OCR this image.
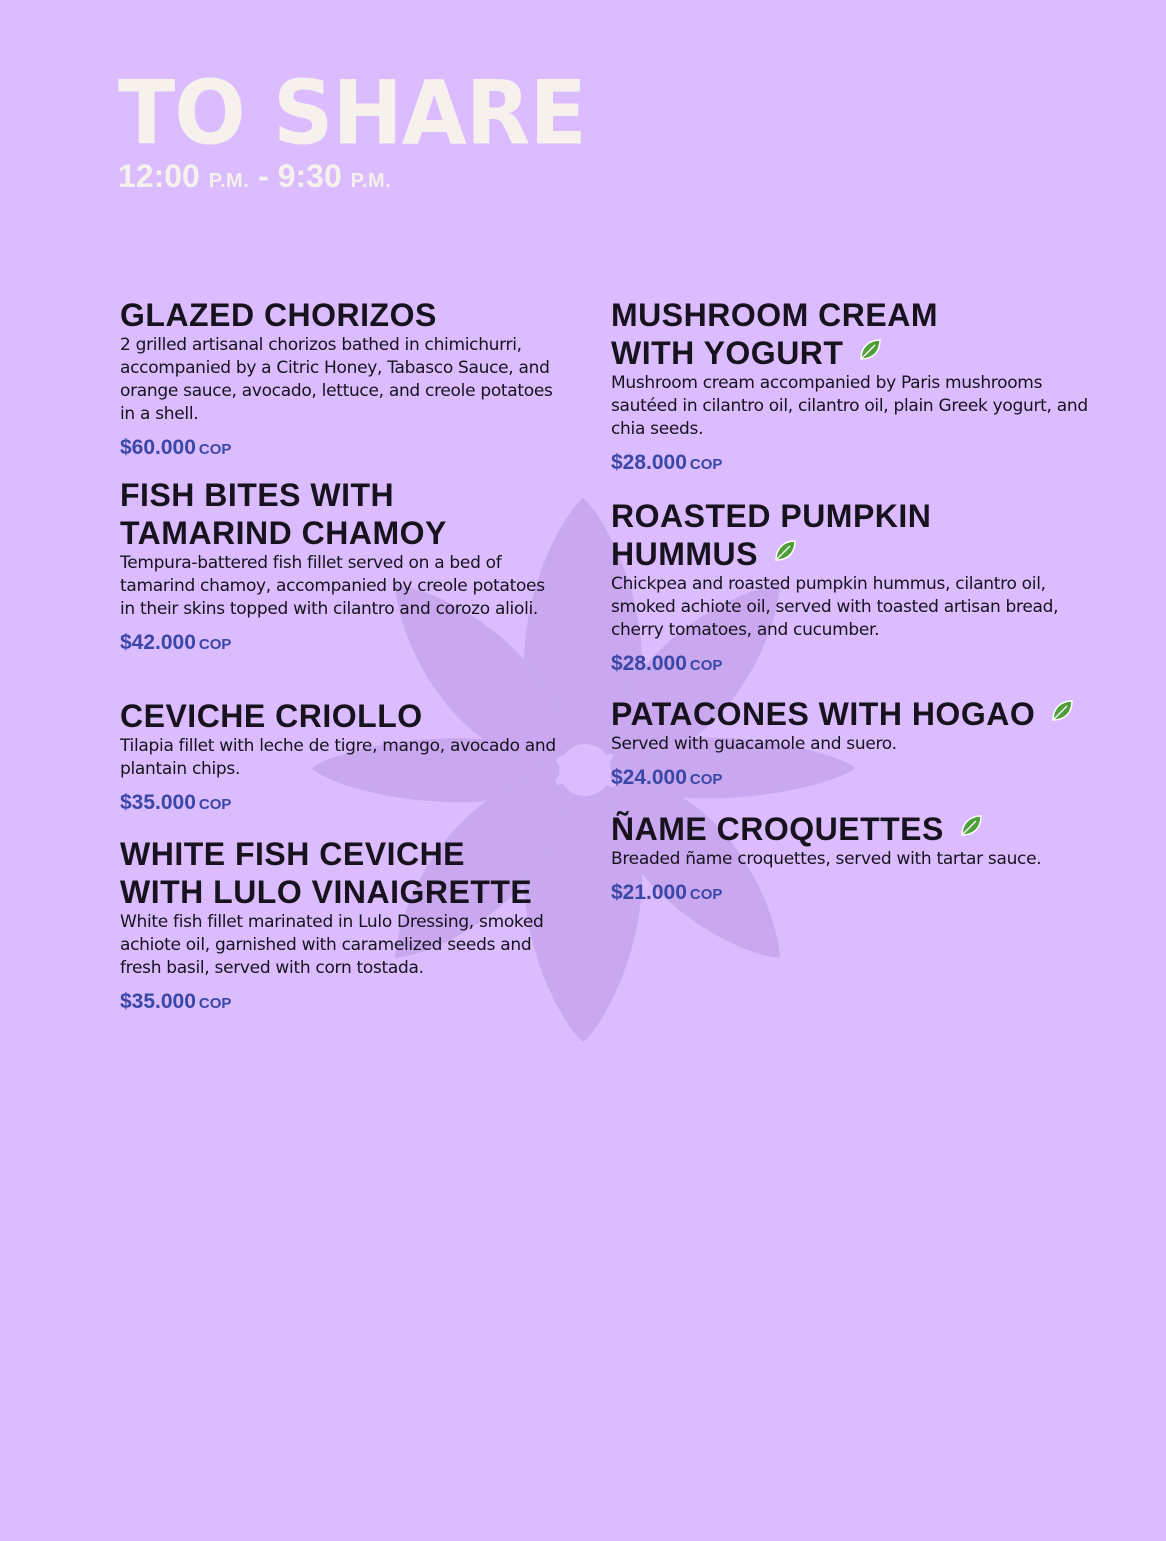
TO SHARE
12:00 P.M. - 9:30 P.M.
GLAZED CHORIZOS

2 grilled artisanal chorizos bathed in chimichurri, accompanied by a Citric Honey, Tabasco Sauce, and orange sauce, avocado, lettuce, and creole potatoes in a shell.

$60.000 COP
FISH BITES WITH
TAMARIND CHAMOY

Tempura-battered fish fillet served on a bed of tamarind chamoy, accompanied by creole potatoes in their skins topped with cilantro and corozo alioli.

$42.000 COP
CEVICHE CRIOLLO

Tilapia fillet with leche de tigre, mango, avocado and plantain chips.

$35.000 COP
WHITE FISH CEVICHE
WITH LULO VINAIGRETTE

White fish fillet marinated in Lulo Dressing, smoked achiote oil, garnished with caramelized seeds and fresh basil, served with corn tostada.

$35.000 COP
MUSHROOM CREAM
WITH YOGURT

Mushroom cream accompanied by Paris mushrooms sautéed in cilantro oil, cilantro oil, plain Greek yogurt, and chia seeds.

$28.000 COP
ROASTED PUMPKIN
HUMMUS

Chickpea and roasted pumpkin hummus, cilantro oil, smoked achiote oil, served with toasted artisan bread, cherry tomatoes, and cucumber.

$28.000 COP
PATACONES WITH HOGAO

Served with guacamole and suero.

$24.000 COP
ÑAME CROQUETTES

Breaded ñame croquettes, served with tartar sauce.

$21.000 COP
